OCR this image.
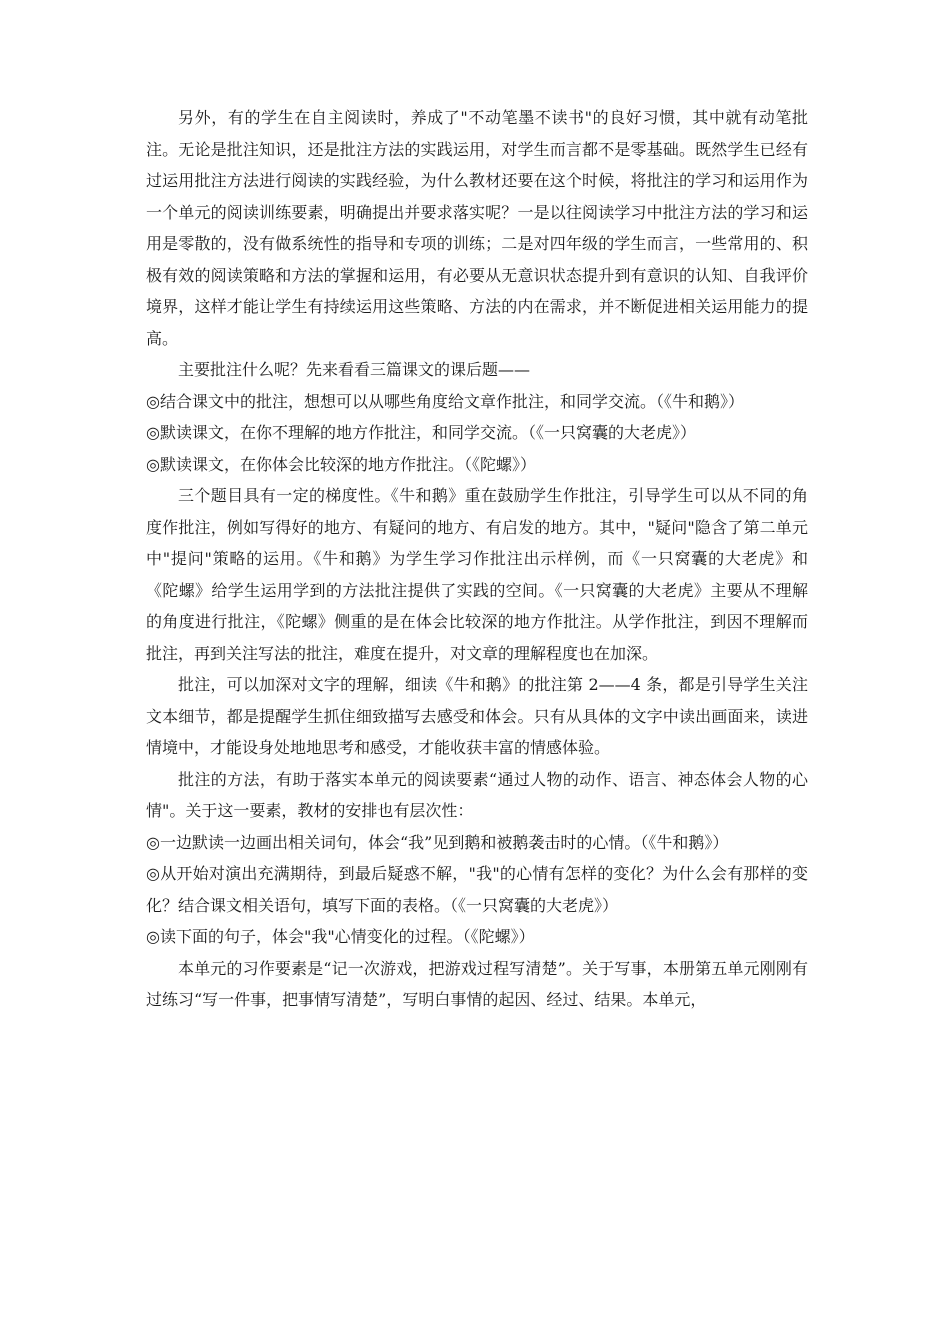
另外，有的学生在自主阅读时，养成了"不动笔墨不读书"的良好习惯，其中就有动笔批注。无论是批注知识，还是批注方法的实践运用，对学生而言都不是零基础。既然学生已经有过运用批注方法进行阅读的实践经验，为什么教材还要在这个时候，将批注的学习和运用作为一个单元的阅读训练要素，明确提出并要求落实呢？一是以往阅读学习中批注方法的学习和运用是零散的，没有做系统性的指导和专项的训练；二是对四年级的学生而言，一些常用的、积极有效的阅读策略和方法的掌握和运用，有必要从无意识状态提升到有意识的认知、自我评价境界，这样才能让学生有持续运用这些策略、方法的内在需求，并不断促进相关运用能力的提高。

主要批注什么呢？先来看看三篇课文的课后题——

◎结合课文中的批注，想想可以从哪些角度给文章作批注，和同学交流。（《牛和鹅》）

◎默读课文，在你不理解的地方作批注，和同学交流。（《一只窝囊的大老虎》）

◎默读课文，在你体会比较深的地方作批注。（《陀螺》）

三个题目具有一定的梯度性。《牛和鹅》重在鼓励学生作批注，引导学生可以从不同的角度作批注，例如写得好的地方、有疑问的地方、有启发的地方。其中，"疑问"隐含了第二单元中"提问"策略的运用。《牛和鹅》为学生学习作批注出示样例，而《一只窝囊的大老虎》和《陀螺》给学生运用学到的方法批注提供了实践的空间。《一只窝囊的大老虎》主要从不理解的角度进行批注，《陀螺》侧重的是在体会比较深的地方作批注。从学作批注，到因不理解而批注，再到关注写法的批注，难度在提升，对文章的理解程度也在加深。

批注，可以加深对文字的理解，细读《牛和鹅》的批注第 2——4 条，都是引导学生关注文本细节，都是提醒学生抓住细致描写去感受和体会。只有从具体的文字中读出画面来，读进情境中，才能设身处地地思考和感受，才能收获丰富的情感体验。

批注的方法，有助于落实本单元的阅读要素“通过人物的动作、语言、神态体会人物的心情"。关于这一要素，教材的安排也有层次性：

◎一边默读一边画出相关词句，体会“我”见到鹅和被鹅袭击时的心情。（《牛和鹅》）

◎从开始对演出充满期待，到最后疑惑不解，"我"的心情有怎样的变化？为什么会有那样的变化？结合课文相关语句，填写下面的表格。（《一只窝囊的大老虎》）

◎读下面的句子，体会"我"心情变化的过程。（《陀螺》）

本单元的习作要素是“记一次游戏，把游戏过程写清楚”。关于写事，本册第五单元刚刚有过练习“写一件事，把事情写清楚”，写明白事情的起因、经过、结果。本单元，
